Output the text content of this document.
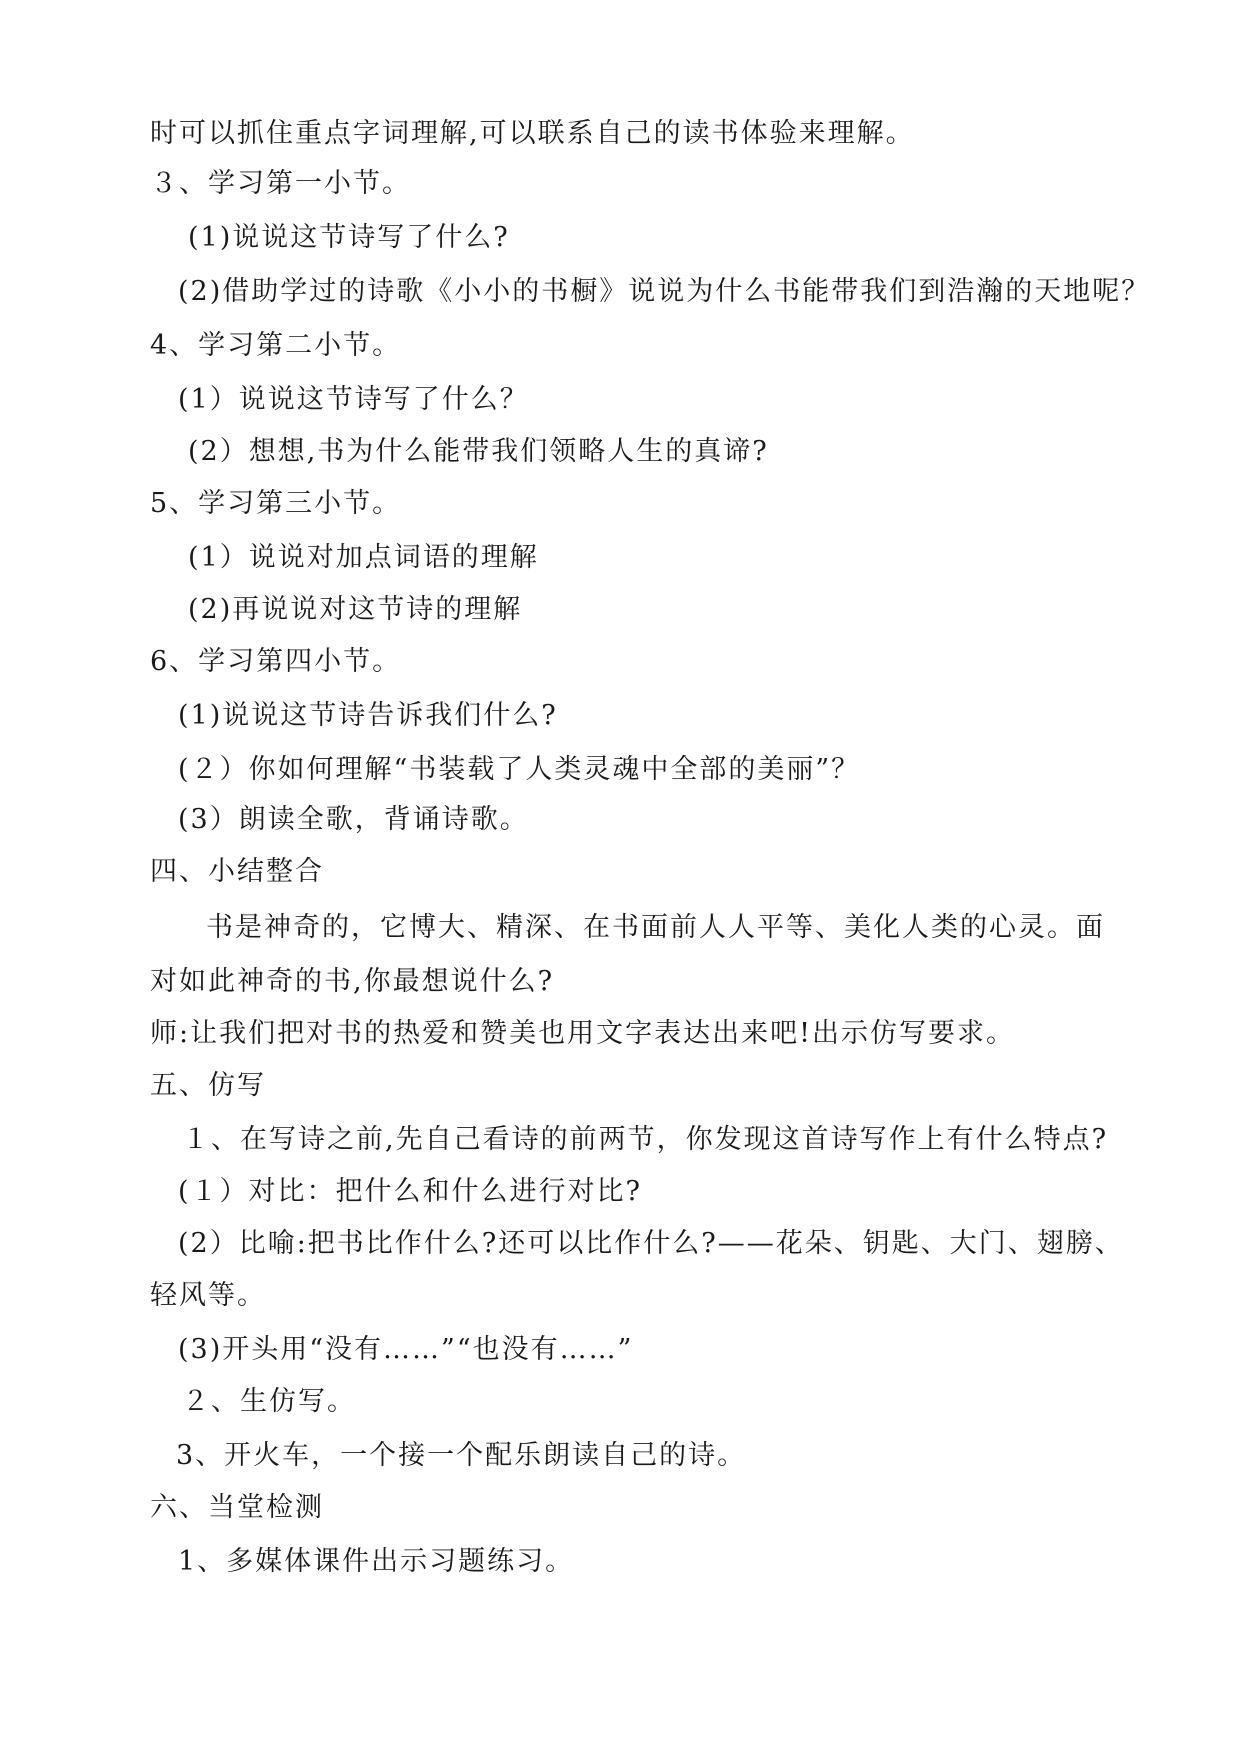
时可以抓住重点字词理解,可以联系自己的读书体验来理解。
３、学习第一小节。
(1)说说这节诗写了什么?
(2)借助学过的诗歌《小小的书橱》说说为什么书能带我们到浩瀚的天地呢？
4、学习第二小节。
(1）说说这节诗写了什么？
(2）想想,书为什么能带我们领略人生的真谛?
5、学习第三小节。
(1）说说对加点词语的理解
(2)再说说对这节诗的理解
6、学习第四小节。
(1)说说这节诗告诉我们什么?
(２）你如何理解“书装载了人类灵魂中全部的美丽”？
(3）朗读全歌，背诵诗歌。
四、小结整合
书是神奇的，它博大、精深、在书面前人人平等、美化人类的心灵。面
对如此神奇的书,你最想说什么?
师:让我们把对书的热爱和赞美也用文字表达出来吧!出示仿写要求。
五、仿写
１、在写诗之前,先自己看诗的前两节，你发现这首诗写作上有什么特点?
(１）对比：把什么和什么进行对比?
(2）比喻:把书比作什么?还可以比作什么?——花朵、钥匙、大门、翅膀、
轻风等。
(3)开头用“没有……”“也没有……”
２、生仿写。
3、开火车，一个接一个配乐朗读自己的诗。
六、当堂检测
1、多媒体课件出示习题练习。
